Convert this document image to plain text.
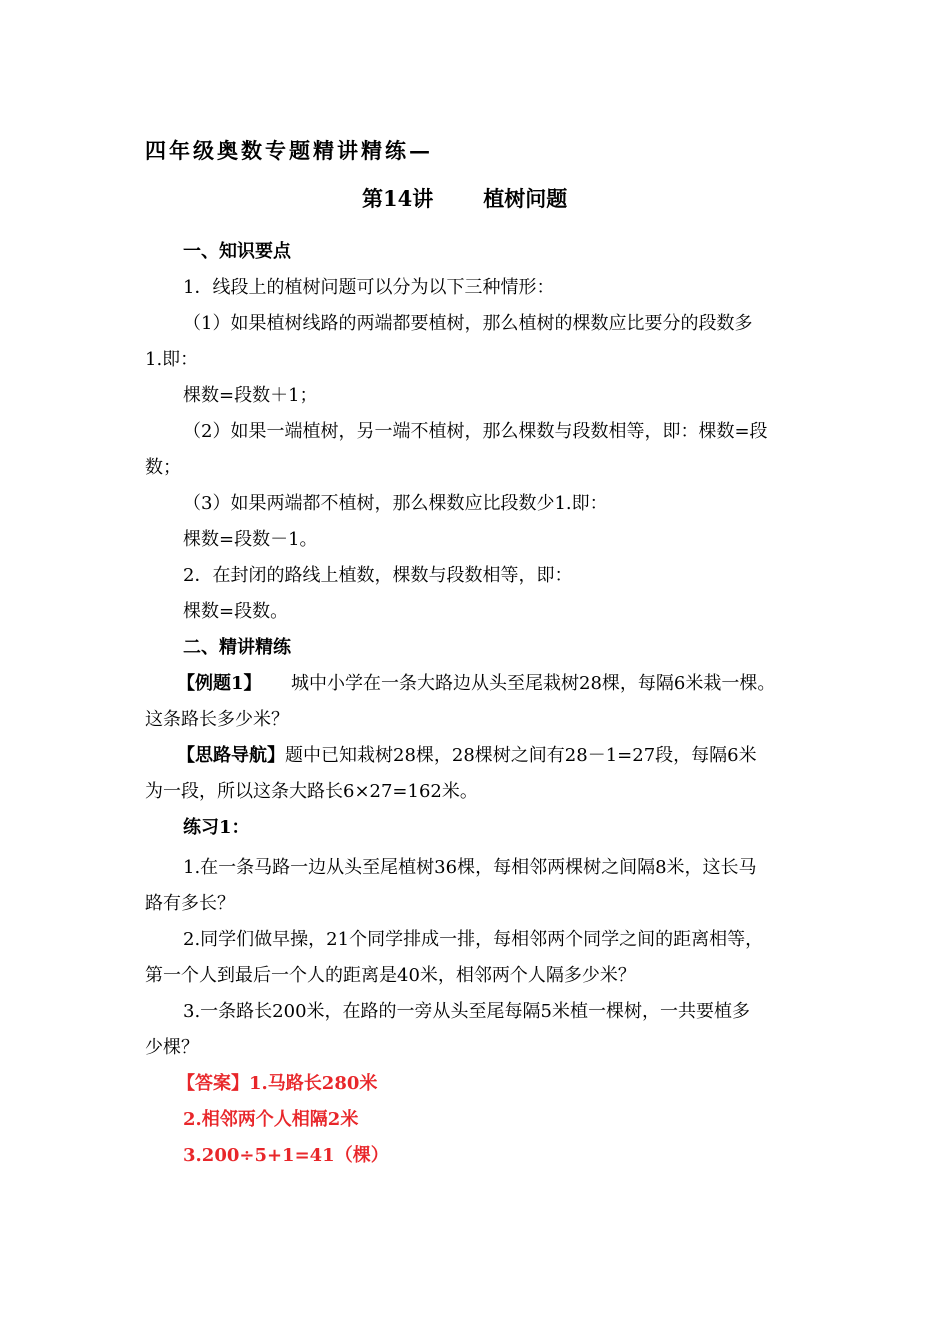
四年级奥数专题精讲精练—
第14讲 植树问题
一、知识要点
1．线段上的植树问题可以分为以下三种情形：
（1）如果植树线路的两端都要植树，那么植树的棵数应比要分的段数多
1.即：
棵数=段数＋1；
（2）如果一端植树，另一端不植树，那么棵数与段数相等，即：棵数=段
数；
（3）如果两端都不植树，那么棵数应比段数少1.即：
棵数=段数－1。
2．在封闭的路线上植数，棵数与段数相等，即：
棵数=段数。
二、精讲精练
【例题1】 城中小学在一条大路边从头至尾栽树28棵，每隔6米栽一棵。
这条路长多少米？
【思路导航】题中已知栽树28棵，28棵树之间有28－1=27段，每隔6米
为一段，所以这条大路长6×27=162米。
练习1：
1.在一条马路一边从头至尾植树36棵，每相邻两棵树之间隔8米，这长马
路有多长？
2.同学们做早操，21个同学排成一排，每相邻两个同学之间的距离相等，
第一个人到最后一个人的距离是40米，相邻两个人隔多少米？
3.一条路长200米，在路的一旁从头至尾每隔5米植一棵树，一共要植多
少棵？
【答案】1.马路长280米
2.相邻两个人相隔2米
3.200÷5+1=41（棵）
